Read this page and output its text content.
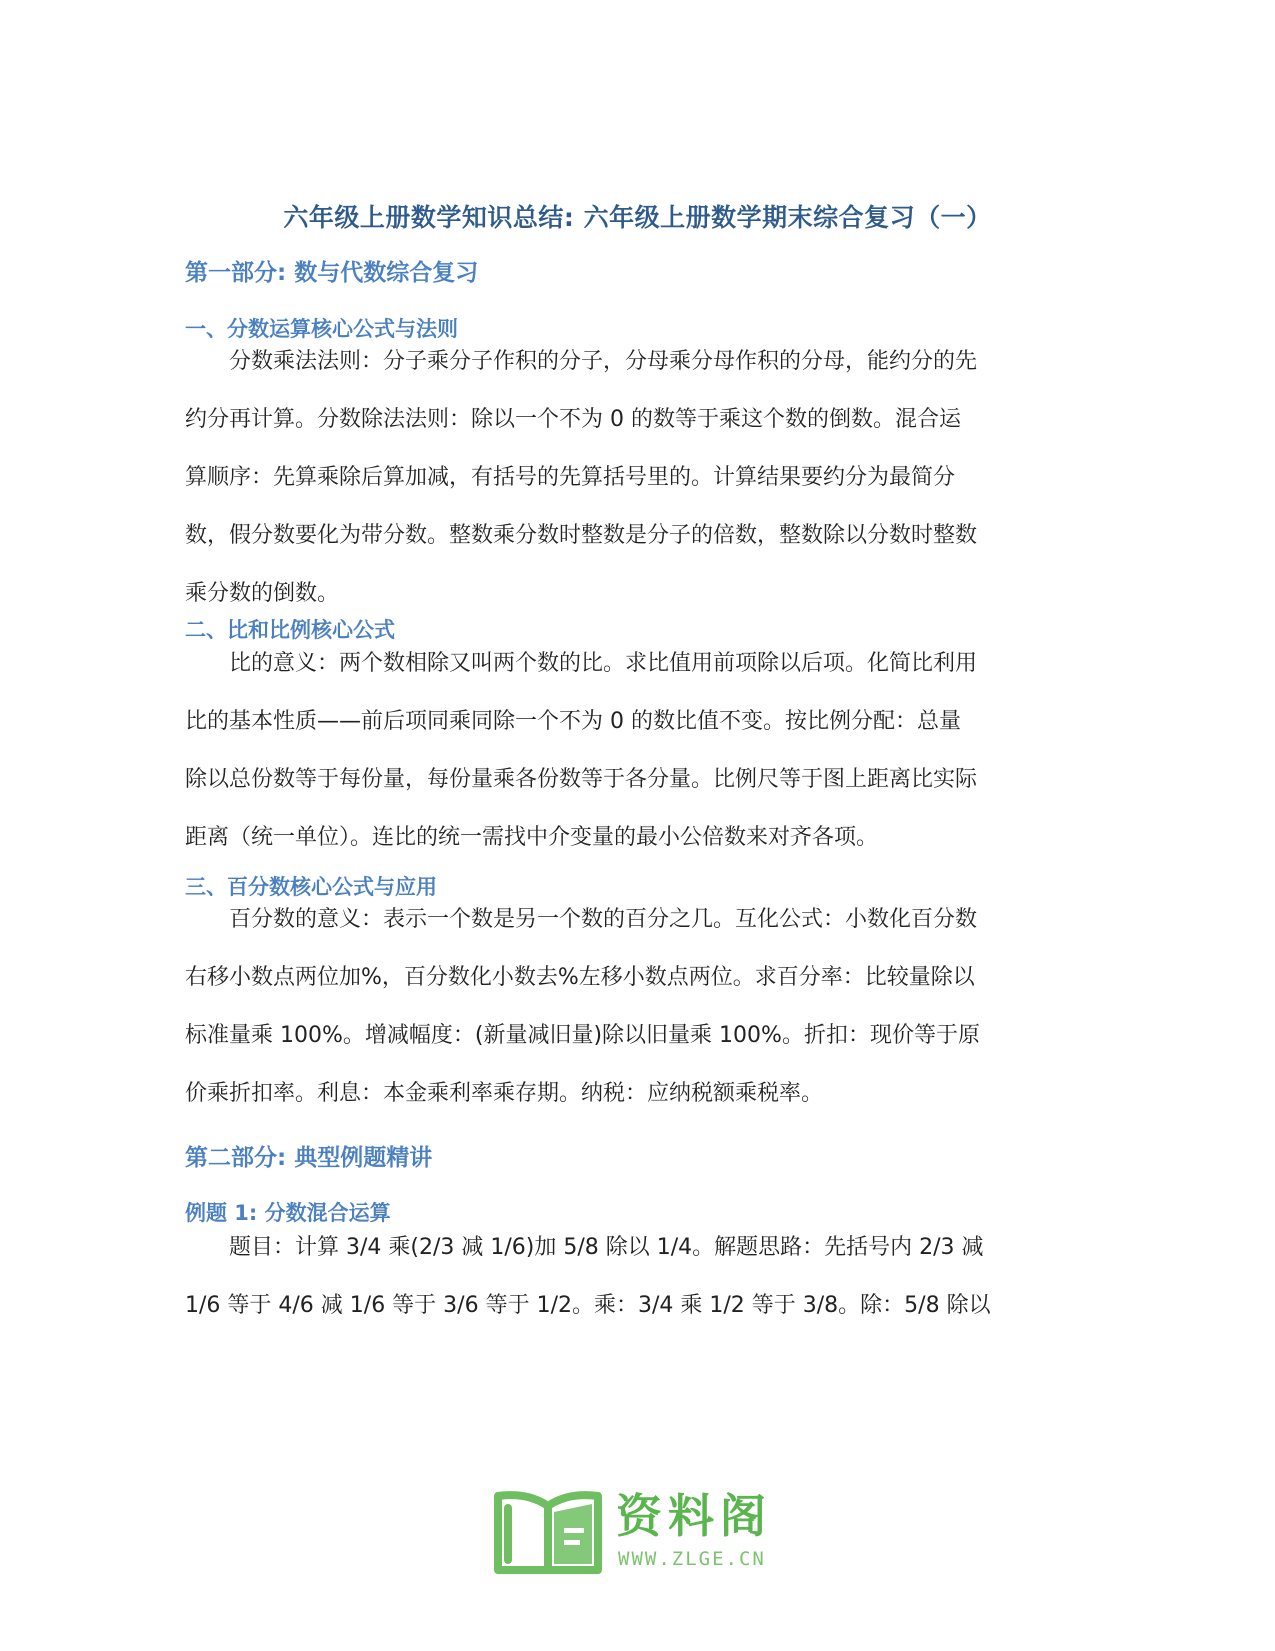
六年级上册数学知识总结: 六年级上册数学期末综合复习（一）
第一部分: 数与代数综合复习
一、分数运算核心公式与法则
分数乘法法则：分子乘分子作积的分子，分母乘分母作积的分母，能约分的先
约分再计算。分数除法法则：除以一个不为 0 的数等于乘这个数的倒数。混合运
算顺序：先算乘除后算加减，有括号的先算括号里的。计算结果要约分为最简分
数，假分数要化为带分数。整数乘分数时整数是分子的倍数，整数除以分数时整数
乘分数的倒数。
二、比和比例核心公式
比的意义：两个数相除又叫两个数的比。求比值用前项除以后项。化简比利用
比的基本性质——前后项同乘同除一个不为 0 的数比值不变。按比例分配：总量
除以总份数等于每份量，每份量乘各份数等于各分量。比例尺等于图上距离比实际
距离（统一单位）。连比的统一需找中介变量的最小公倍数来对齐各项。
三、百分数核心公式与应用
百分数的意义：表示一个数是另一个数的百分之几。互化公式：小数化百分数
右移小数点两位加%，百分数化小数去%左移小数点两位。求百分率：比较量除以
标准量乘 100%。增减幅度：(新量减旧量)除以旧量乘 100%。折扣：现价等于原
价乘折扣率。利息：本金乘利率乘存期。纳税：应纳税额乘税率。
第二部分: 典型例题精讲
例题 1: 分数混合运算
题目：计算 3/4 乘(2/3 减 1/6)加 5/8 除以 1/4。解题思路：先括号内 2/3 减
1/6 等于 4/6 减 1/6 等于 3/6 等于 1/2。乘：3/4 乘 1/2 等于 3/8。除：5/8 除以
资料阁
WWW.ZLGE.CN
